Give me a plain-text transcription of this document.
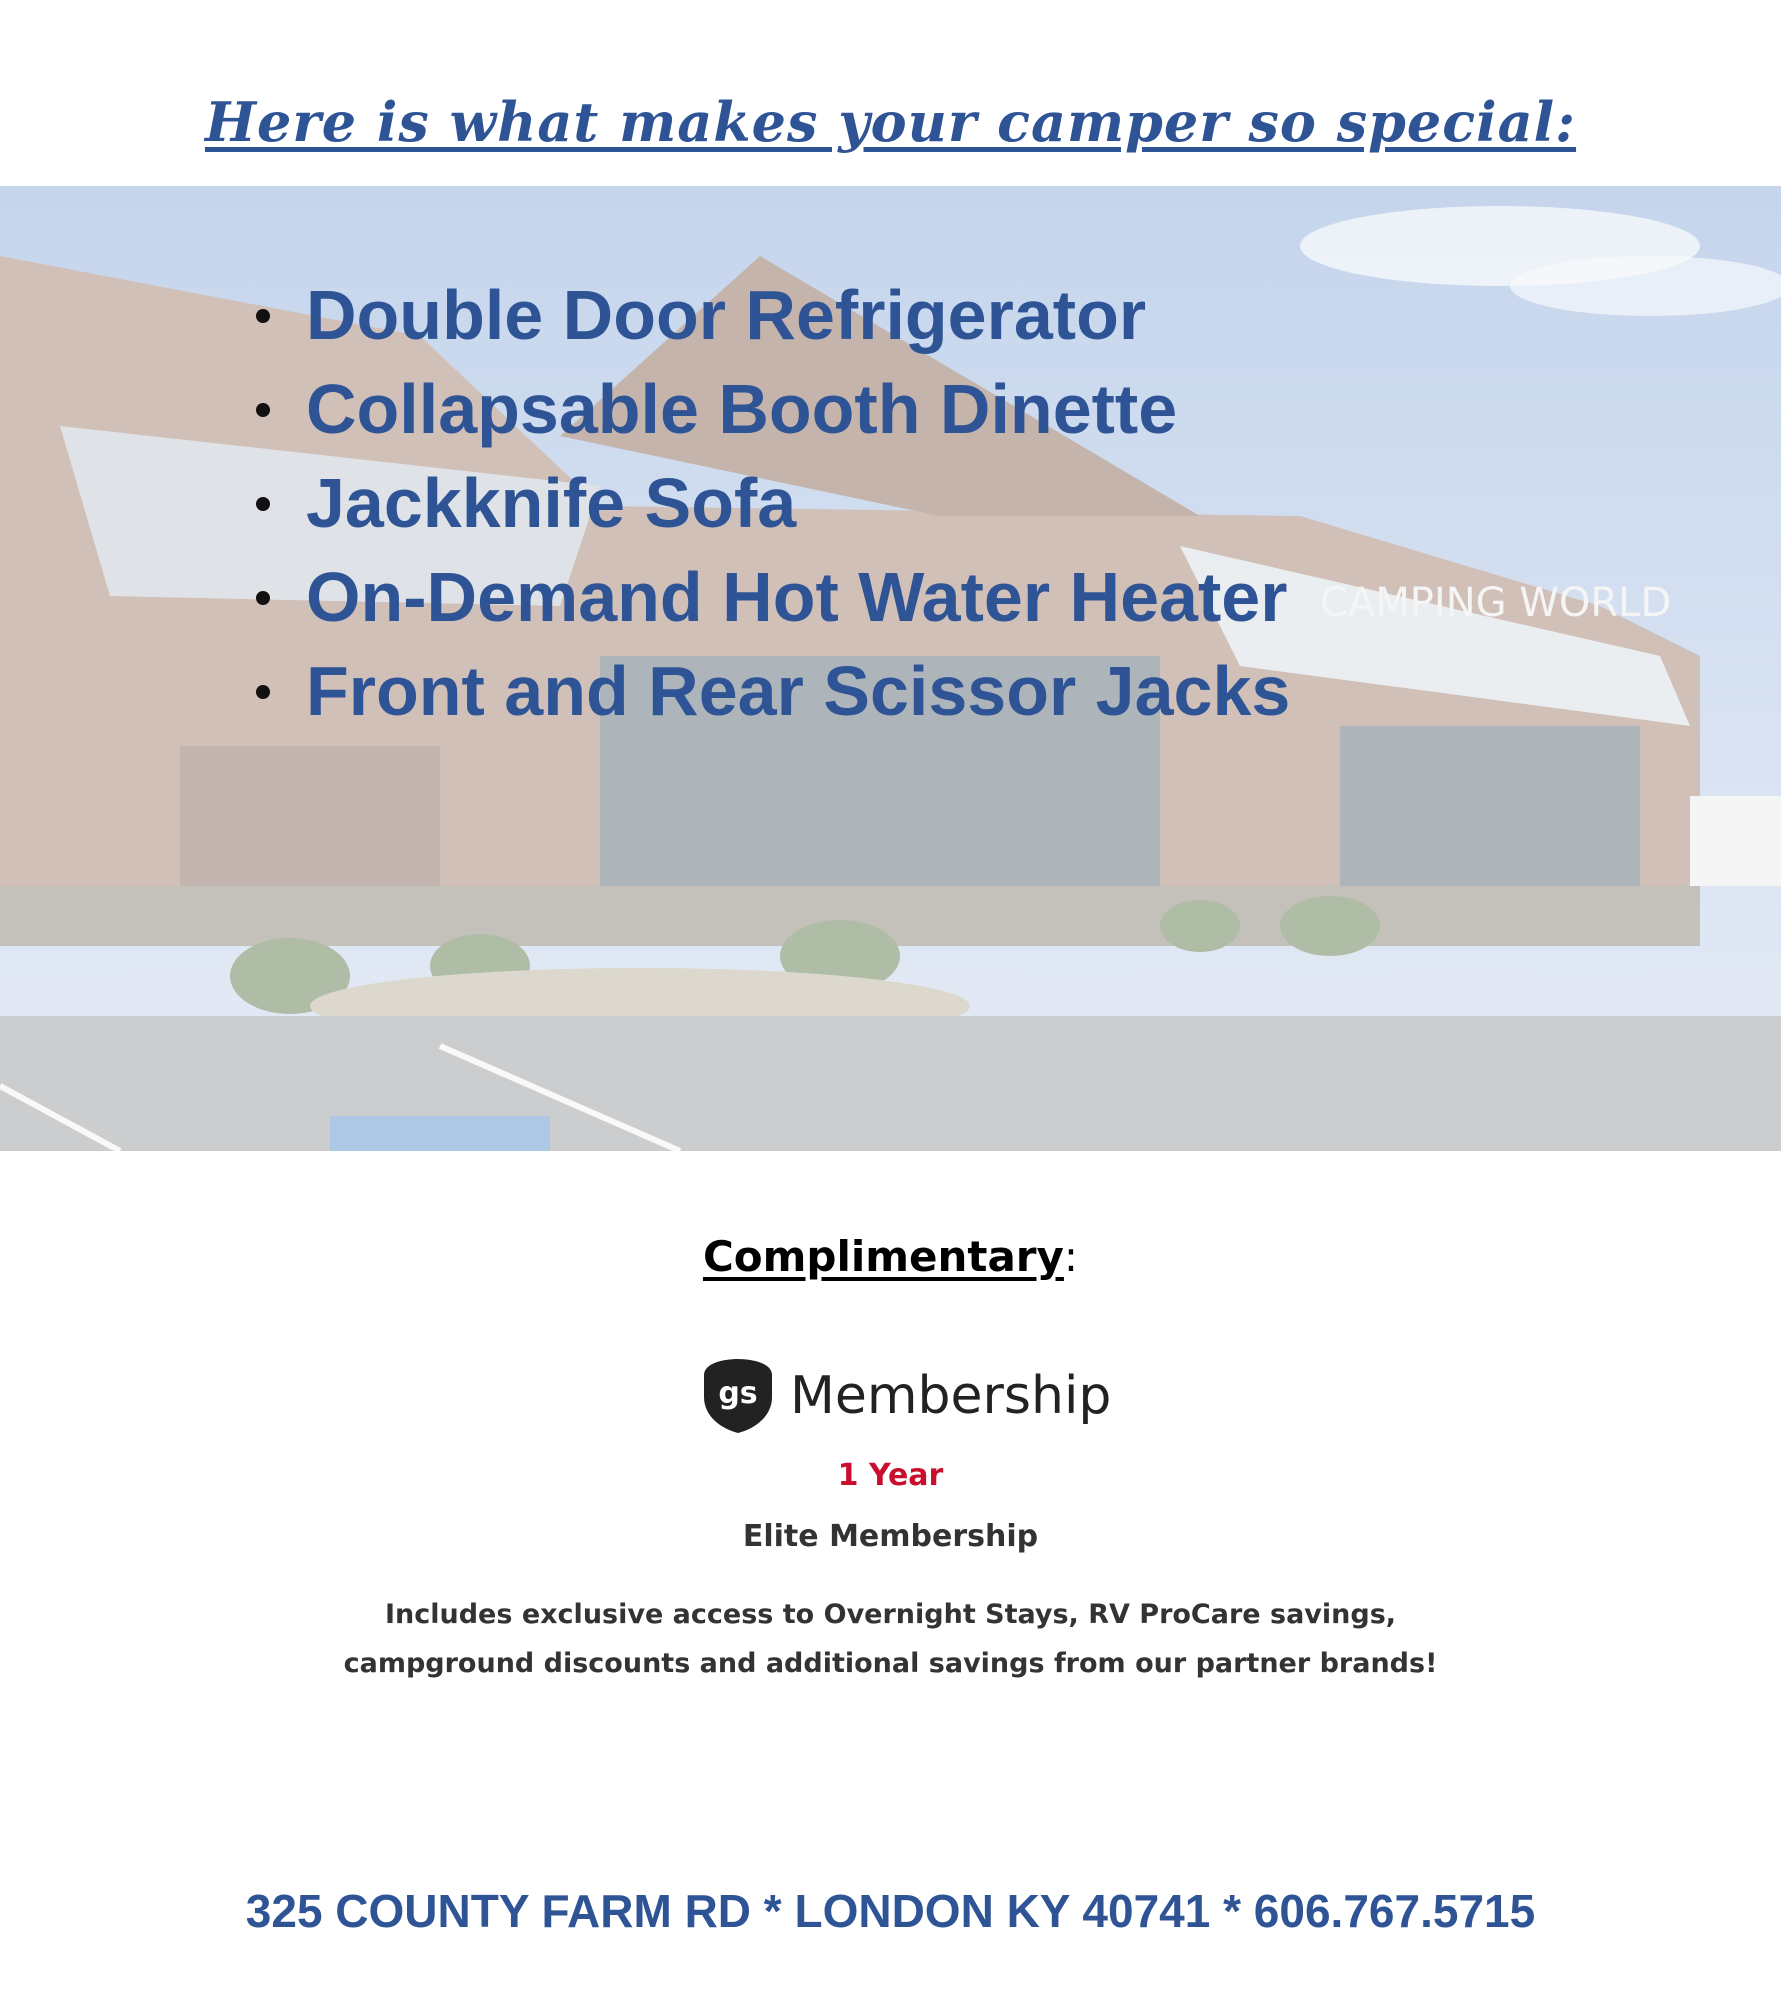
Here is what makes your camper so special:
Double Door Refrigerator
Collapsable Booth Dinette
Jackknife Sofa
On-Demand Hot Water Heater
Front and Rear Scissor Jacks
Complimentary:
gs Membership
1 Year
Elite Membership
Includes exclusive access to Overnight Stays, RV ProCare savings,
campground discounts and additional savings from our partner brands!
325 COUNTY FARM RD * LONDON KY 40741 * 606.767.5715
